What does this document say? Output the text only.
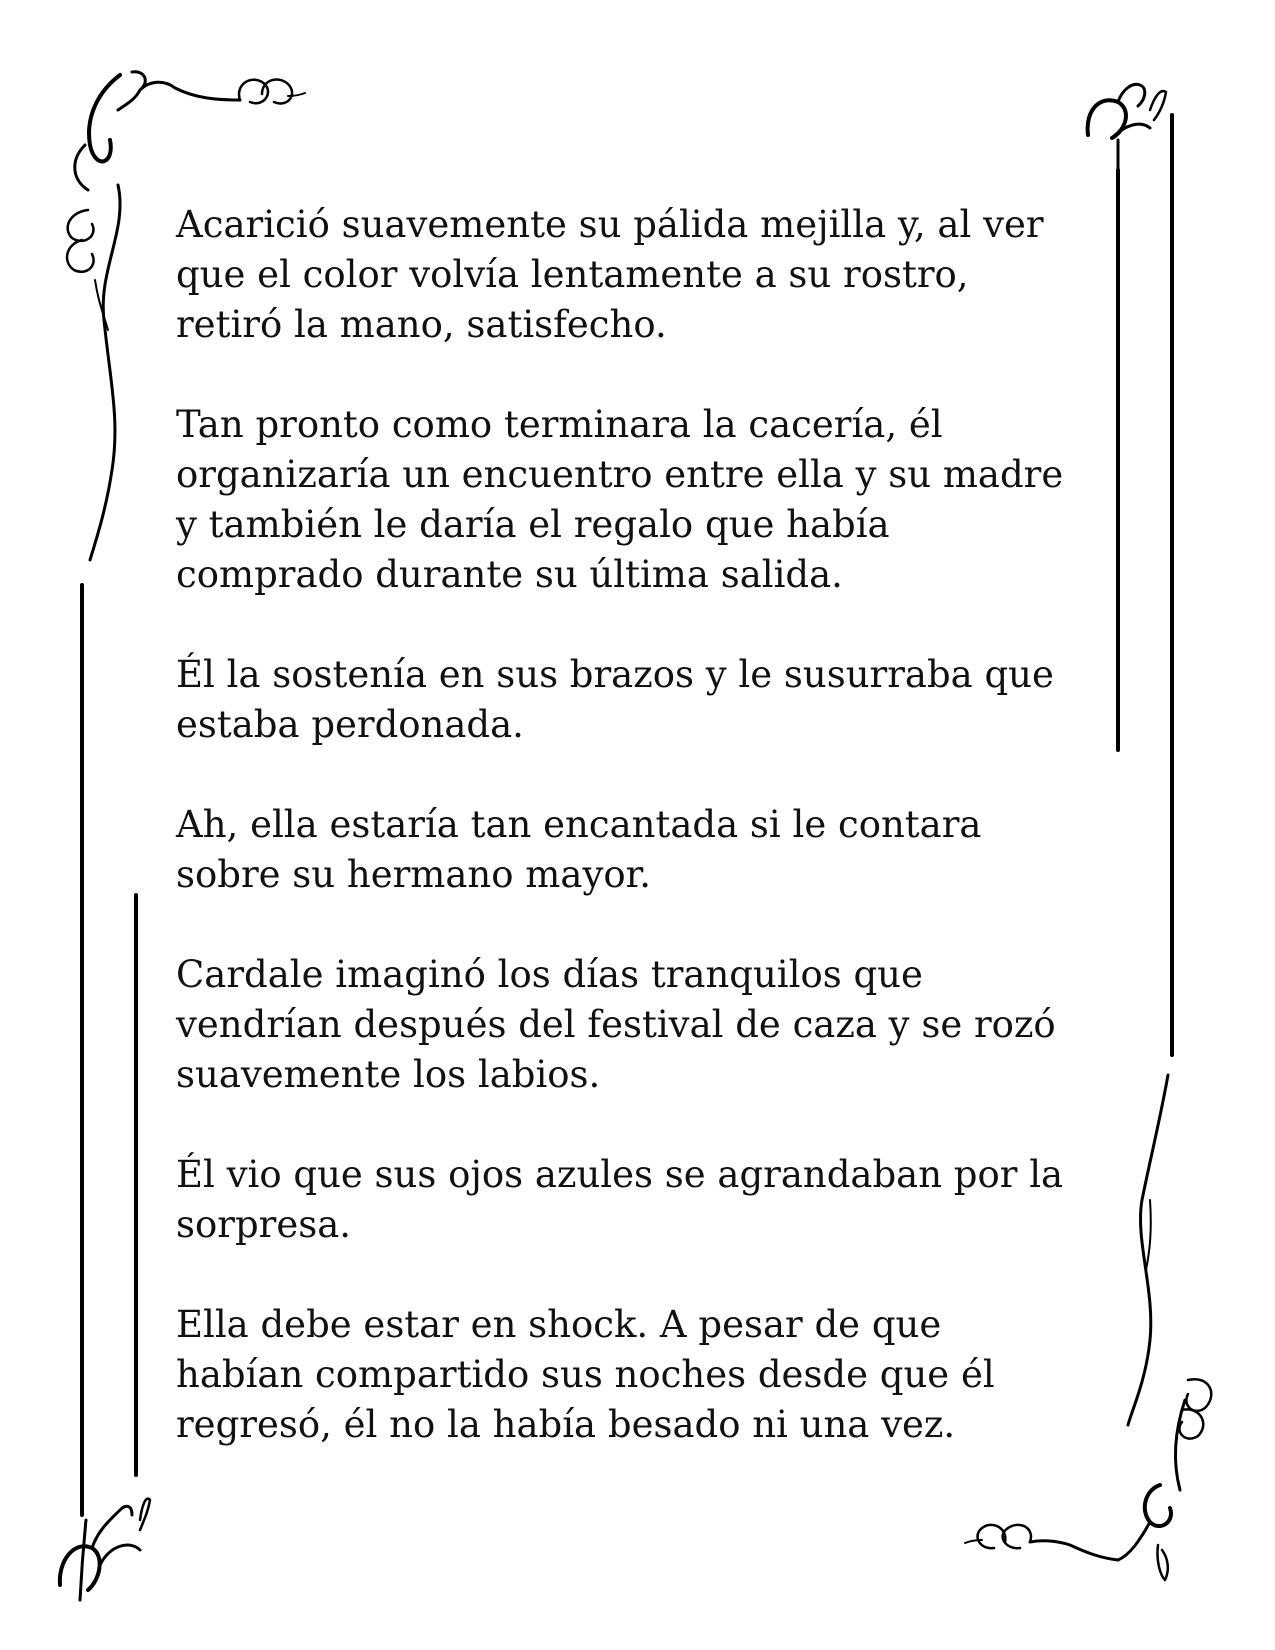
Acarició suavemente su pálida mejilla y, al ver
que el color volvía lentamente a su rostro,
retiró la mano, satisfecho.

Tan pronto como terminara la cacería, él
organizaría un encuentro entre ella y su madre
y también le daría el regalo que había
comprado durante su última salida.

Él la sostenía en sus brazos y le susurraba que
estaba perdonada.

Ah, ella estaría tan encantada si le contara
sobre su hermano mayor.

Cardale imaginó los días tranquilos que
vendrían después del festival de caza y se rozó
suavemente los labios.

Él vio que sus ojos azules se agrandaban por la
sorpresa.

Ella debe estar en shock. A pesar de que
habían compartido sus noches desde que él
regresó, él no la había besado ni una vez.
